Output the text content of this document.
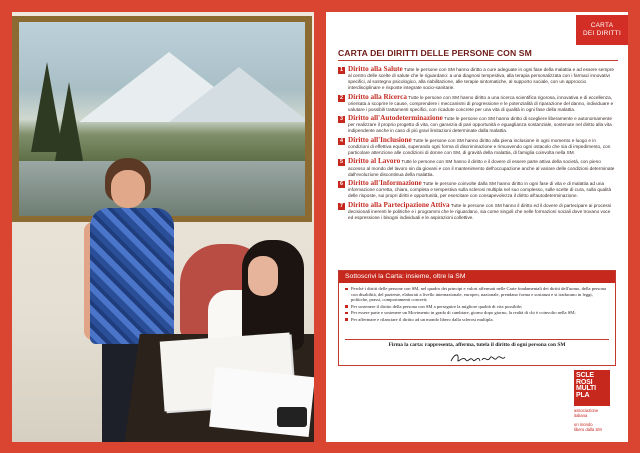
CARTA
DEI DIRITTI
CARTA DEI DIRITTI DELLE PERSONE CON SM
1 Diritto alla Salute Tutte le persone con SM hanno diritto a cure adeguate in ogni fase della malattia e ad essere sempre al centro delle scelte di salute che le riguardano: a una diagnosi tempestiva, alla terapia personalizzata con i farmaci innovativi specifici, al sostegno psicologico, alla riabilitazione, alle terapie sintomatiche, al supporto sociale, con un approccio interdisciplinare e risposte integrate socio-sanitarie.
2 Diritto alla Ricerca Tutte le persone con SM hanno diritto a una ricerca scientifica rigorosa, innovativa e di eccellenza, orientata a scoprire le cause, comprendere i meccanismi di progressione e le potenzialità di riparazione del danno, individuare e valutare i possibili trattamenti specifici, con ricadute concrete per una vita di qualità in ogni fase della malattia.
3 Diritto all'Autodeterminazione Tutte le persone con SM hanno diritto di scegliere liberamente e autonomamente per realizzare il proprio progetto di vita, con garanzia di pari opportunità e eguaglianza sostanziale, sostenute nel diritto alla vita indipendente anche in caso di più gravi limitazioni determinate dalla malattia.
4 Diritto all'Inclusione Tutte le persone con SM hanno diritto alla piena inclusione in ogni momento e luogo e in condizioni di effettiva equità, superando ogni forma di discriminazione e rimuovendo ogni ostacolo che sia di impedimento, con particolare attenzione alle condizioni di donne con SM, di gravità della malattia, di famiglia coinvolta nella SM.
5 Diritto al Lavoro Tutte le persone con SM hanno il diritto e il dovere di essere parte attiva della società, con pieno accesso al mondo del lavoro sin da giovani e con il mantenimento dell'occupazione anche al variare delle condizioni determinate dall'evoluzione discontinua della malattia.
6 Diritto all'Informazione Tutte le persone coinvolte dalla SM hanno diritto in ogni fase di vita e di malattia ad una informazione corretta, chiara, completa e tempestiva sulla sclerosi multipla nel suo complesso, sulle scelte di cura, sulla qualità delle risposte, sui propri diritti e opportunità, per esercitare con consapevolezza il diritto all'autodeterminazione.
7 Diritto alla Partecipazione Attiva Tutte le persone con SM hanno il diritto ed il dovere di partecipare ai processi decisionali inerenti le politiche e i programmi che le riguardano, sia come singoli che nelle formazioni sociali dove trovano voce ed espressione i bisogni individuali e le aspirazioni collettive.
Sottoscrivi la Carta: insieme, oltre la SM
Perché i diritti delle persone con SM, nel quadro dei principi e valori affermati nelle Carte fondamentali dei diritti dell'uomo, della persona con disabilità, del paziente, elaborati a livello internazionale, europeo, nazionale, prendano forma e sostanza e si traducano in leggi, politiche, prassi, comportamenti concreti;
Per sostenere il diritto della persona con SM a perseguire la migliore qualità di vita possibile;
Per essere parte e sostenere un Movimento in grado di cambiare, giorno dopo giorno, la realtà di chi è coinvolto nella SM;
Per affermare e rilanciare il diritto ad un mondo libero dalla sclerosi multipla.
Firma la carta: rappresenta, afferma, tutela il diritto di ogni persona con SM
SCLE
ROSI
MULTI
PLA
associazione
italiana
un mondo
libero dalla SM
